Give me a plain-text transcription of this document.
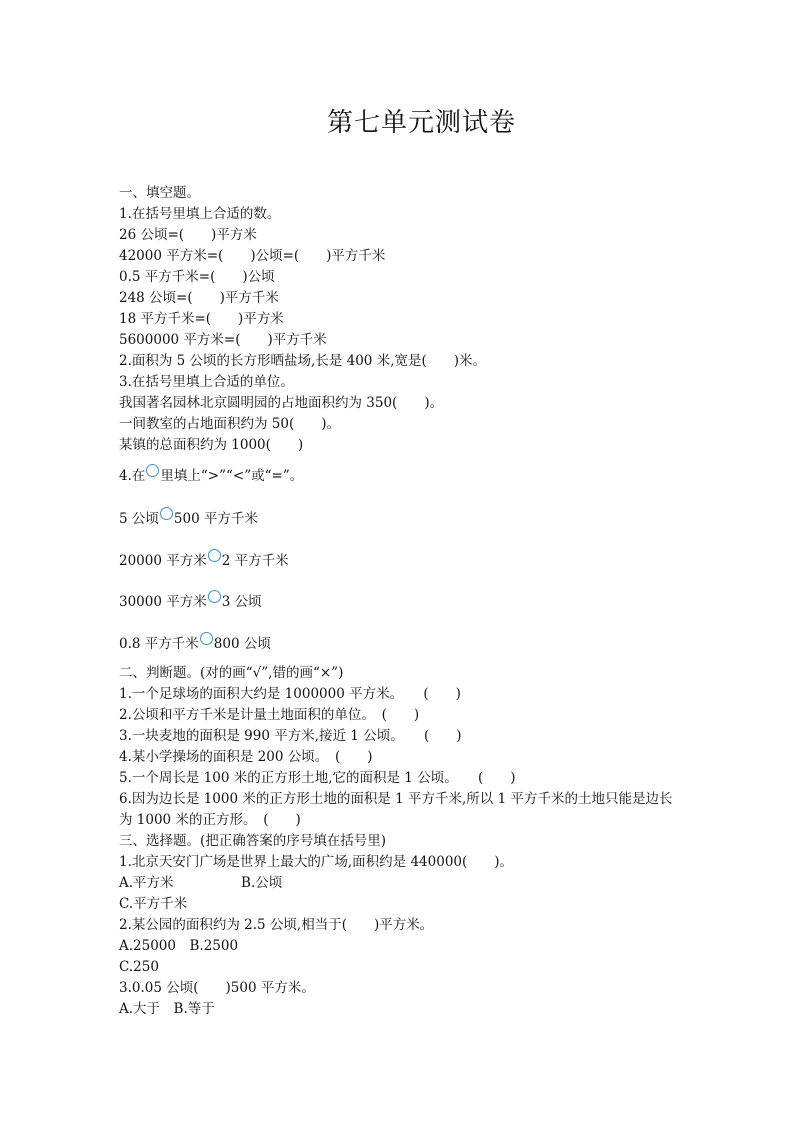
第七单元测试卷
一、填空题。
1.在括号里填上合适的数。
26 公顷=(　　)平方米
42000 平方米=(　　)公顷=(　　)平方千米
0.5 平方千米=(　　)公顷
248 公顷=(　　)平方千米
18 平方千米=(　　)平方米
5600000 平方米=(　　)平方千米
2.面积为 5 公顷的长方形晒盐场,长是 400 米,宽是(　　)米。
3.在括号里填上合适的单位。
我国著名园林北京圆明园的占地面积约为 350(　　)。
一间教室的占地面积约为 50(　　)。
某镇的总面积约为 1000(　　)
4.在 里填上“>”“<”或“=”。
5 公顷 500 平方千米
20000 平方米 2 平方千米
30000 平方米 3 公顷
0.8 平方千米 800 公顷
二、判断题。(对的画“√”,错的画“×”)
1.一个足球场的面积大约是 1000000 平方米。　　(　　)
2.公顷和平方千米是计量土地面积的单位。　(　　)
3.一块麦地的面积是 990 平方米,接近 1 公顷。　　(　　)
4.某小学操场的面积是 200 公顷。　(　　)
5.一个周长是 100 米的正方形土地,它的面积是 1 公顷。　　(　　)
6.因为边长是 1000 米的正方形土地的面积是 1 平方千米,所以 1 平方千米的土地只能是边长为 1000 米的正方形。　(　　)
三、选择题。(把正确答案的序号填在括号里)
1.北京天安门广场是世界上最大的广场,面积约是 440000(　　)。
A.平方米　　　　　B.公顷
C.平方千米
2.某公园的面积约为 2.5 公顷,相当于(　　)平方米。
A.25000　B.2500
C.250
3.0.05 公顷(　　)500 平方米。
A.大于　B.等于
